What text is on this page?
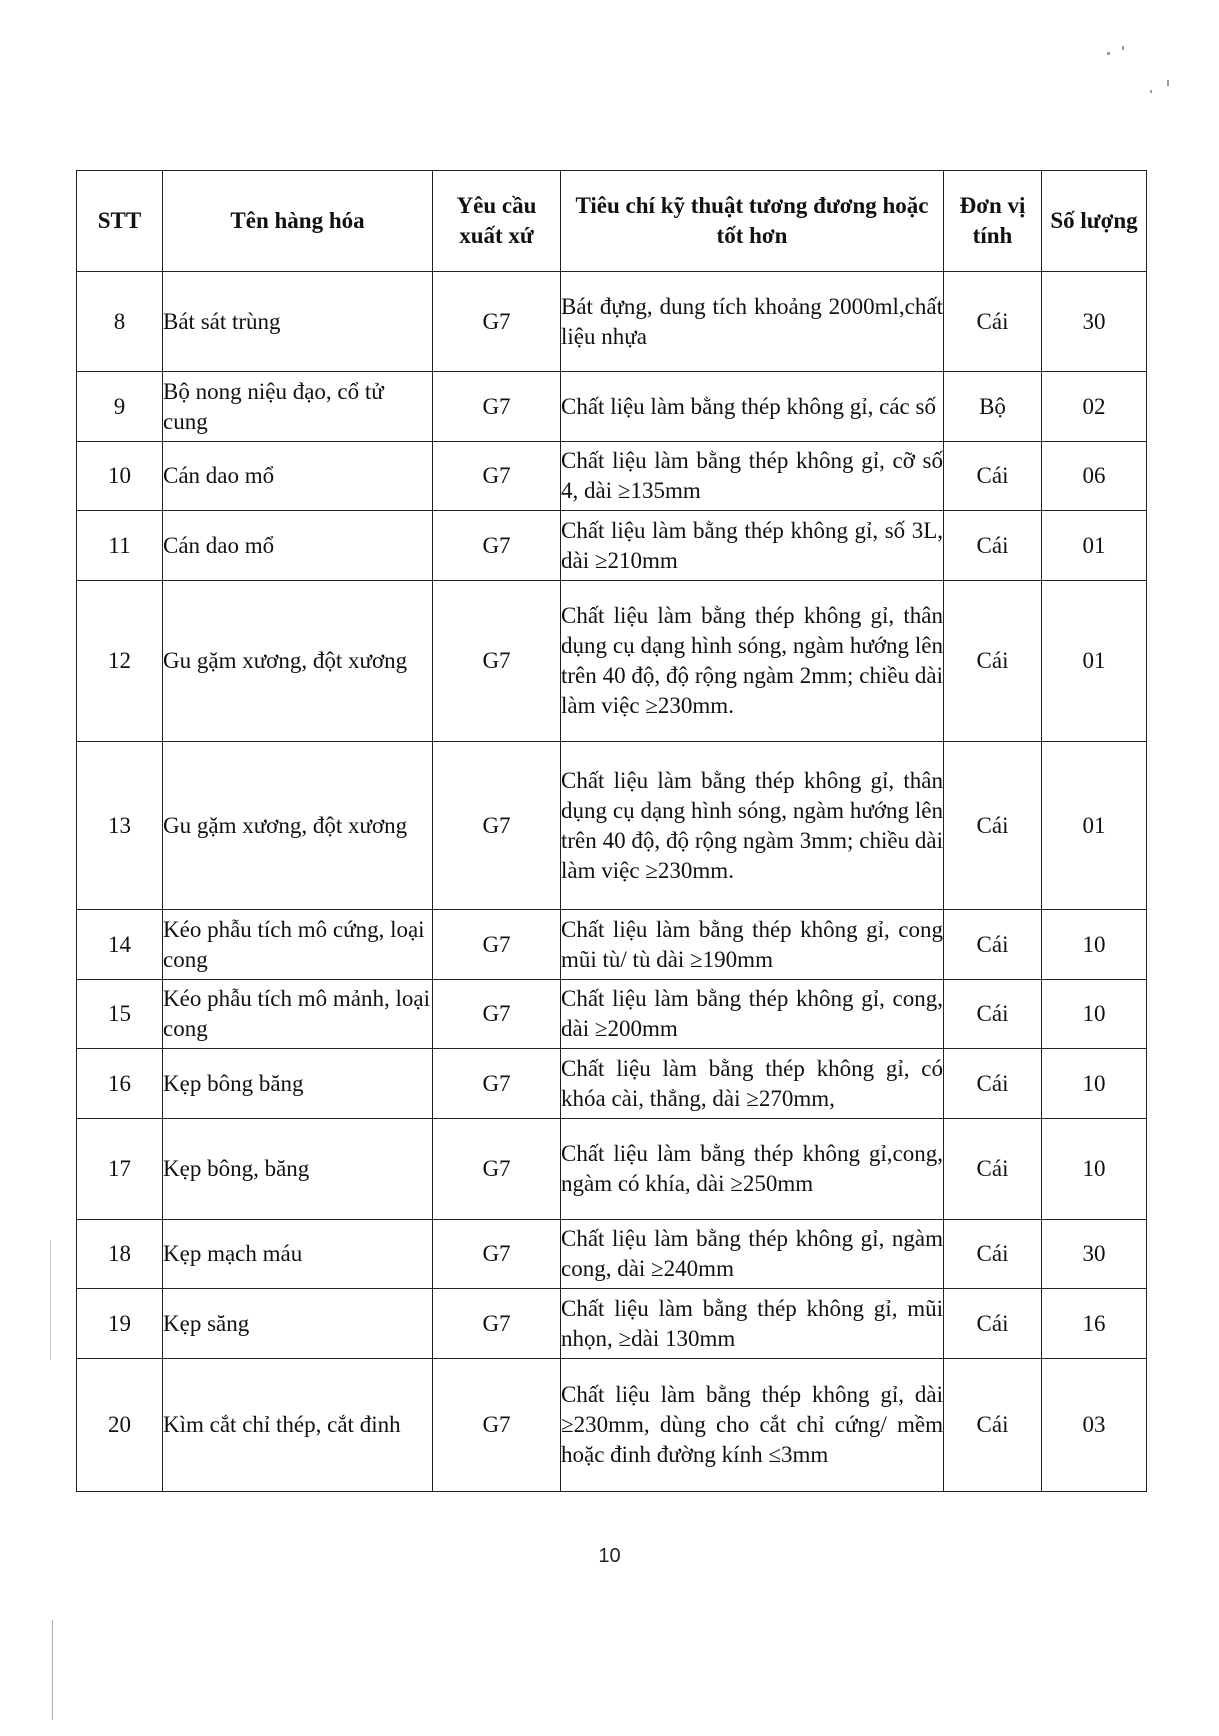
STT	Tên hàng hóa	Yêu cầu xuất xứ	Tiêu chí kỹ thuật tương đương hoặc tốt hơn	Đơn vị tính	Số lượng
8	Bát sát trùng	G7	Bát đựng, dung tích khoảng 2000ml,chất liệu nhựa	Cái	30
9	Bộ nong niệu đạo, cổ tử cung	G7	Chất liệu làm bằng thép không gỉ, các số	Bộ	02
10	Cán dao mổ	G7	Chất liệu làm bằng thép không gỉ, cỡ số 4, dài ≥135mm	Cái	06
11	Cán dao mổ	G7	Chất liệu làm bằng thép không gỉ, số 3L, dài ≥210mm	Cái	01
12	Gu gặm xương, đột xương	G7	Chất liệu làm bằng thép không gỉ, thân dụng cụ dạng hình sóng, ngàm hướng lên trên 40 độ, độ rộng ngàm 2mm; chiều dài làm việc ≥230mm.	Cái	01
13	Gu gặm xương, đột xương	G7	Chất liệu làm bằng thép không gỉ, thân dụng cụ dạng hình sóng, ngàm hướng lên trên 40 độ, độ rộng ngàm 3mm; chiều dài làm việc ≥230mm.	Cái	01
14	Kéo phẫu tích mô cứng, loại cong	G7	Chất liệu làm bằng thép không gỉ, cong mũi tù/ tù dài ≥190mm	Cái	10
15	Kéo phẫu tích mô mảnh, loại cong	G7	Chất liệu làm bằng thép không gỉ, cong, dài ≥200mm	Cái	10
16	Kẹp bông băng	G7	Chất liệu làm bằng thép không gỉ, có khóa cài, thẳng, dài ≥270mm,	Cái	10
17	Kẹp bông, băng	G7	Chất liệu làm bằng thép không gỉ,cong, ngàm có khía, dài ≥250mm	Cái	10
18	Kẹp mạch máu	G7	Chất liệu làm bằng thép không gỉ, ngàm cong, dài ≥240mm	Cái	30
19	Kẹp săng	G7	Chất liệu làm bằng thép không gỉ, mũi nhọn, ≥dài 130mm	Cái	16
20	Kìm cắt chỉ thép, cắt đinh	G7	Chất liệu làm bằng thép không gỉ, dài ≥230mm, dùng cho cắt chỉ cứng/ mềm hoặc đinh đường kính ≤3mm	Cái	03
10
